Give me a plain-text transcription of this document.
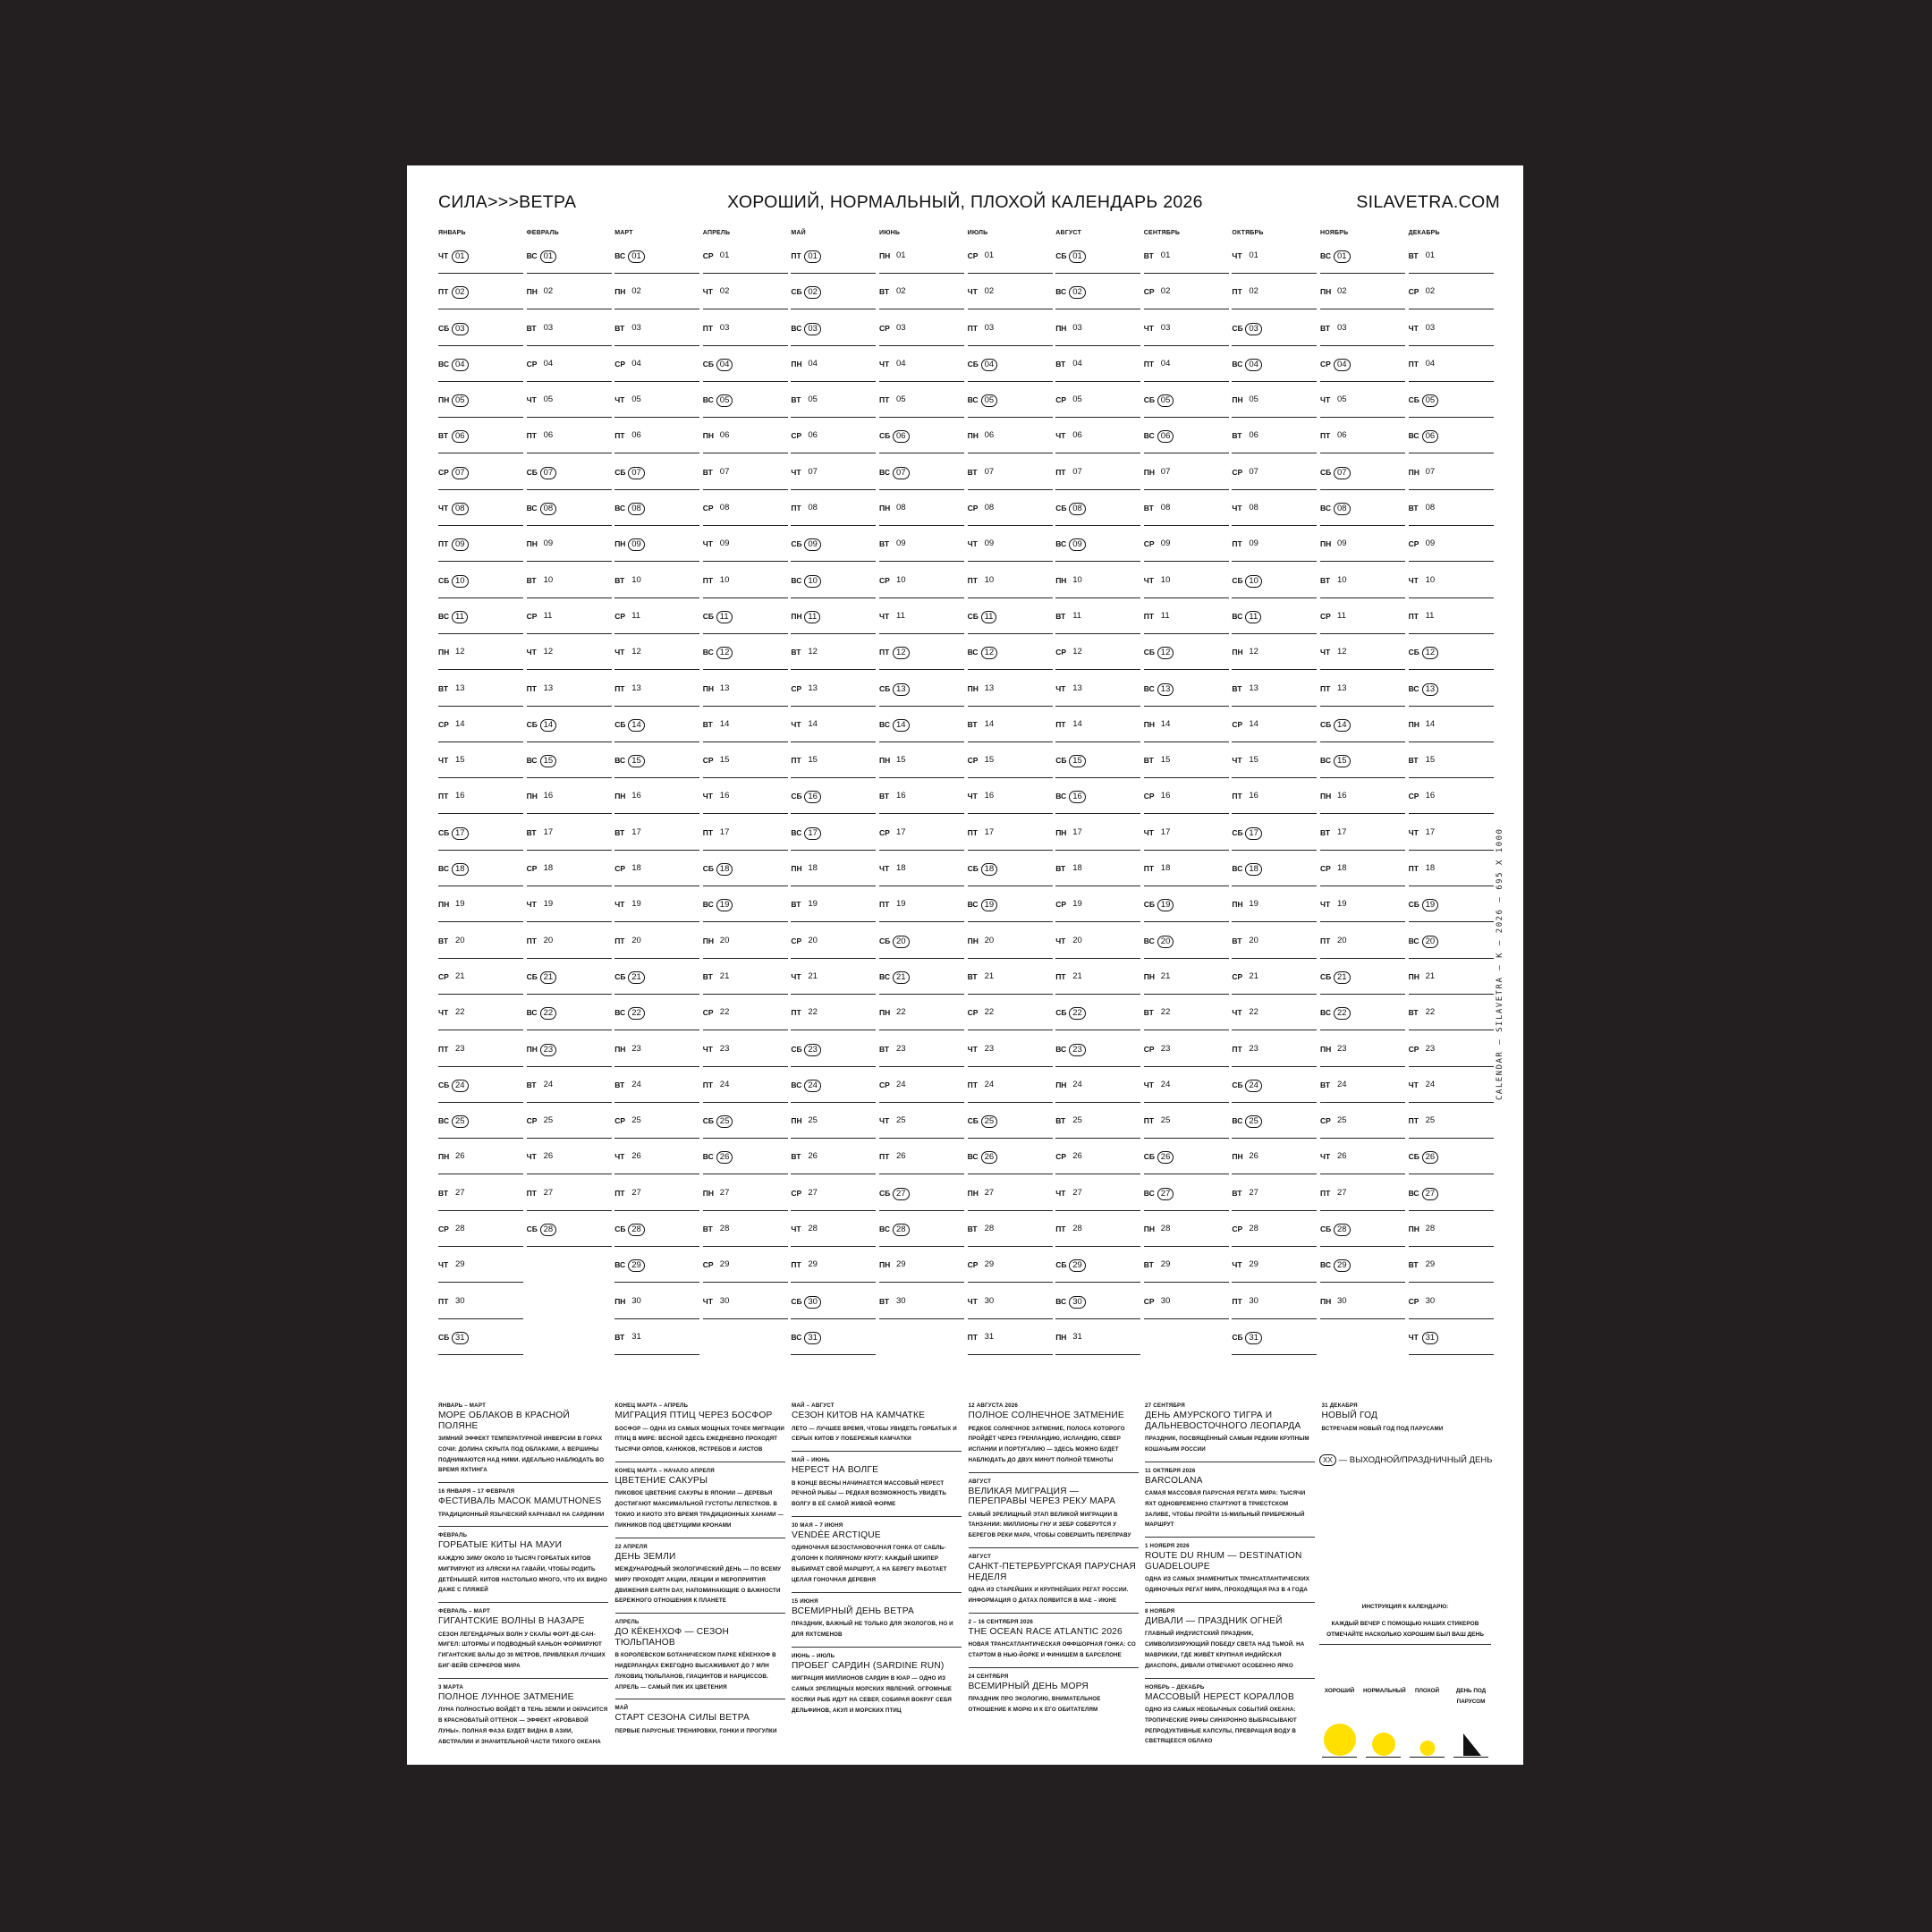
СИЛА>>>ВЕТРА	ХОРОШИЙ, НОРМАЛЬНЫЙ, ПЛОХОЙ КАЛЕНДАРЬ 2026	SILAVETRA.COM
ЯНВАРЬ
ЧТ 01
ПТ 02
СБ 03
ВС 04
ПН 05
ВТ 06
СР 07
ЧТ 08
ПТ 09
СБ 10
ВС 11
ПН 12
ВТ 13
СР 14
ЧТ 15
ПТ 16
СБ 17
ВС 18
ПН 19
ВТ 20
СР 21
ЧТ 22
ПТ 23
СБ 24
ВС 25
ПН 26
ВТ 27
СР 28
ЧТ 29
ПТ 30
СБ 31
ФЕВРАЛЬ
ВС 01
ПН 02
ВТ 03
СР 04
ЧТ 05
ПТ 06
СБ 07
ВС 08
ПН 09
ВТ 10
СР 11
ЧТ 12
ПТ 13
СБ 14
ВС 15
ПН 16
ВТ 17
СР 18
ЧТ 19
ПТ 20
СБ 21
ВС 22
ПН 23
ВТ 24
СР 25
ЧТ 26
ПТ 27
СБ 28
МАРТ
ВС 01
ПН 02
ВТ 03
СР 04
ЧТ 05
ПТ 06
СБ 07
ВС 08
ПН 09
ВТ 10
СР 11
ЧТ 12
ПТ 13
СБ 14
ВС 15
ПН 16
ВТ 17
СР 18
ЧТ 19
ПТ 20
СБ 21
ВС 22
ПН 23
ВТ 24
СР 25
ЧТ 26
ПТ 27
СБ 28
ВС 29
ПН 30
ВТ 31
АПРЕЛЬ
СР 01
ЧТ 02
ПТ 03
СБ 04
ВС 05
ПН 06
ВТ 07
СР 08
ЧТ 09
ПТ 10
СБ 11
ВС 12
ПН 13
ВТ 14
СР 15
ЧТ 16
ПТ 17
СБ 18
ВС 19
ПН 20
ВТ 21
СР 22
ЧТ 23
ПТ 24
СБ 25
ВС 26
ПН 27
ВТ 28
СР 29
ЧТ 30
МАЙ
ПТ 01
СБ 02
ВС 03
ПН 04
ВТ 05
СР 06
ЧТ 07
ПТ 08
СБ 09
ВС 10
ПН 11
ВТ 12
СР 13
ЧТ 14
ПТ 15
СБ 16
ВС 17
ПН 18
ВТ 19
СР 20
ЧТ 21
ПТ 22
СБ 23
ВС 24
ПН 25
ВТ 26
СР 27
ЧТ 28
ПТ 29
СБ 30
ВС 31
ИЮНЬ
ПН 01
ВТ 02
СР 03
ЧТ 04
ПТ 05
СБ 06
ВС 07
ПН 08
ВТ 09
СР 10
ЧТ 11
ПТ 12
СБ 13
ВС 14
ПН 15
ВТ 16
СР 17
ЧТ 18
ПТ 19
СБ 20
ВС 21
ПН 22
ВТ 23
СР 24
ЧТ 25
ПТ 26
СБ 27
ВС 28
ПН 29
ВТ 30
ИЮЛЬ
СР 01
ЧТ 02
ПТ 03
СБ 04
ВС 05
ПН 06
ВТ 07
СР 08
ЧТ 09
ПТ 10
СБ 11
ВС 12
ПН 13
ВТ 14
СР 15
ЧТ 16
ПТ 17
СБ 18
ВС 19
ПН 20
ВТ 21
СР 22
ЧТ 23
ПТ 24
СБ 25
ВС 26
ПН 27
ВТ 28
СР 29
ЧТ 30
ПТ 31
АВГУСТ
СБ 01
ВС 02
ПН 03
ВТ 04
СР 05
ЧТ 06
ПТ 07
СБ 08
ВС 09
ПН 10
ВТ 11
СР 12
ЧТ 13
ПТ 14
СБ 15
ВС 16
ПН 17
ВТ 18
СР 19
ЧТ 20
ПТ 21
СБ 22
ВС 23
ПН 24
ВТ 25
СР 26
ЧТ 27
ПТ 28
СБ 29
ВС 30
ПН 31
СЕНТЯБРЬ
ВТ 01
СР 02
ЧТ 03
ПТ 04
СБ 05
ВС 06
ПН 07
ВТ 08
СР 09
ЧТ 10
ПТ 11
СБ 12
ВС 13
ПН 14
ВТ 15
СР 16
ЧТ 17
ПТ 18
СБ 19
ВС 20
ПН 21
ВТ 22
СР 23
ЧТ 24
ПТ 25
СБ 26
ВС 27
ПН 28
ВТ 29
СР 30
ОКТЯБРЬ
ЧТ 01
ПТ 02
СБ 03
ВС 04
ПН 05
ВТ 06
СР 07
ЧТ 08
ПТ 09
СБ 10
ВС 11
ПН 12
ВТ 13
СР 14
ЧТ 15
ПТ 16
СБ 17
ВС 18
ПН 19
ВТ 20
СР 21
ЧТ 22
ПТ 23
СБ 24
ВС 25
ПН 26
ВТ 27
СР 28
ЧТ 29
ПТ 30
СБ 31
НОЯБРЬ
ВС 01
ПН 02
ВТ 03
СР 04
ЧТ 05
ПТ 06
СБ 07
ВС 08
ПН 09
ВТ 10
СР 11
ЧТ 12
ПТ 13
СБ 14
ВС 15
ПН 16
ВТ 17
СР 18
ЧТ 19
ПТ 20
СБ 21
ВС 22
ПН 23
ВТ 24
СР 25
ЧТ 26
ПТ 27
СБ 28
ВС 29
ПН 30
ДЕКАБРЬ
ВТ 01
СР 02
ЧТ 03
ПТ 04
СБ 05
ВС 06
ПН 07
ВТ 08
СР 09
ЧТ 10
ПТ 11
СБ 12
ВС 13
ПН 14
ВТ 15
СР 16
ЧТ 17
ПТ 18
СБ 19
ВС 20
ПН 21
ВТ 22
СР 23
ЧТ 24
ПТ 25
СБ 26
ВС 27
ПН 28
ВТ 29
СР 30
ЧТ 31
ЯНВАРЬ – МАРТ
МОРЕ ОБЛАКОВ В КРАСНОЙ ПОЛЯНЕ
ЗИМНИЙ ЭФФЕКТ ТЕМПЕРАТУРНОЙ ИНВЕРСИИ В ГОРАХ СОЧИ: ДОЛИНА СКРЫТА ПОД ОБЛАКАМИ, А ВЕРШИНЫ ПОДНИМАЮТСЯ НАД НИМИ. ИДЕАЛЬНО НАБЛЮДАТЬ ВО ВРЕМЯ ЯХТИНГА
16 ЯНВАРЯ – 17 ФЕВРАЛЯ
ФЕСТИВАЛЬ МАСОК MAMUTHONES
ТРАДИЦИОННЫЙ ЯЗЫЧЕСКИЙ КАРНАВАЛ НА САРДИНИИ
ФЕВРАЛЬ
ГОРБАТЫЕ КИТЫ НА МАУИ
КАЖДУЮ ЗИМУ ОКОЛО 10 ТЫСЯЧ ГОРБАТЫХ КИТОВ МИГРИРУЮТ ИЗ АЛЯСКИ НА ГАВАЙИ, ЧТОБЫ РОДИТЬ ДЕТЁНЫШЕЙ. КИТОВ НАСТОЛЬКО МНОГО, ЧТО ИХ ВИДНО ДАЖЕ С ПЛЯЖЕЙ
ФЕВРАЛЬ – МАРТ
ГИГАНТСКИЕ ВОЛНЫ В НАЗАРЕ
СЕЗОН ЛЕГЕНДАРНЫХ ВОЛН У СКАЛЫ ФОРТ-ДЕ-САН-МИГЕЛ: ШТОРМЫ И ПОДВОДНЫЙ КАНЬОН ФОРМИРУЮТ ГИГАНТСКИЕ ВАЛЫ ДО 30 МЕТРОВ, ПРИВЛЕКАЯ ЛУЧШИХ БИГ-ВЕЙВ СЕРФЕРОВ МИРА
3 МАРТА
ПОЛНОЕ ЛУННОЕ ЗАТМЕНИЕ
ЛУНА ПОЛНОСТЬЮ ВОЙДЁТ В ТЕНЬ ЗЕМЛИ И ОКРАСИТСЯ В КРАСНОВАТЫЙ ОТТЕНОК — ЭФФЕКТ «КРОВАВОЙ ЛУНЫ». ПОЛНАЯ ФАЗА БУДЕТ ВИДНА В АЗИИ, АВСТРАЛИИ И ЗНАЧИТЕЛЬНОЙ ЧАСТИ ТИХОГО ОКЕАНА
КОНЕЦ МАРТА – АПРЕЛЬ
МИГРАЦИЯ ПТИЦ ЧЕРЕЗ БОСФОР
БОСФОР — ОДНА ИЗ САМЫХ МОЩНЫХ ТОЧЕК МИГРАЦИИ ПТИЦ В МИРЕ: ВЕСНОЙ ЗДЕСЬ ЕЖЕДНЕВНО ПРОХОДЯТ ТЫСЯЧИ ОРЛОВ, КАНЮКОВ, ЯСТРЕБОВ И АИСТОВ
КОНЕЦ МАРТА – НАЧАЛО АПРЕЛЯ
ЦВЕТЕНИЕ САКУРЫ
ПИКОВОЕ ЦВЕТЕНИЕ САКУРЫ В ЯПОНИИ — ДЕРЕВЬЯ ДОСТИГАЮТ МАКСИМАЛЬНОЙ ГУСТОТЫ ЛЕПЕСТКОВ. В ТОКИО И КИОТО ЭТО ВРЕМЯ ТРАДИЦИОННЫХ ХАНАМИ — ПИКНИКОВ ПОД ЦВЕТУЩИМИ КРОНАМИ
22 АПРЕЛЯ
ДЕНЬ ЗЕМЛИ
МЕЖДУНАРОДНЫЙ ЭКОЛОГИЧЕСКИЙ ДЕНЬ — ПО ВСЕМУ МИРУ ПРОХОДЯТ АКЦИИ, ЛЕКЦИИ И МЕРОПРИЯТИЯ ДВИЖЕНИЯ EARTH DAY, НАПОМИНАЮЩИЕ О ВАЖНОСТИ БЕРЕЖНОГО ОТНОШЕНИЯ К ПЛАНЕТЕ
АПРЕЛЬ
ДО КЁКЕНХОФ — СЕЗОН ТЮЛЬПАНОВ
В КОРОЛЕВСКОМ БОТАНИЧЕСКОМ ПАРКЕ КЁКЕНХОФ В НИДЕРЛАНДАХ ЕЖЕГОДНО ВЫСАЖИВАЮТ ДО 7 МЛН ЛУКОВИЦ ТЮЛЬПАНОВ, ГИАЦИНТОВ И НАРЦИССОВ. АПРЕЛЬ — САМЫЙ ПИК ИХ ЦВЕТЕНИЯ
МАЙ
СТАРТ СЕЗОНА СИЛЫ ВЕТРА
ПЕРВЫЕ ПАРУСНЫЕ ТРЕНИРОВКИ, ГОНКИ И ПРОГУЛКИ
МАЙ – АВГУСТ
СЕЗОН КИТОВ НА КАМЧАТКЕ
ЛЕТО — ЛУЧШЕЕ ВРЕМЯ, ЧТОБЫ УВИДЕТЬ ГОРБАТЫХ И СЕРЫХ КИТОВ У ПОБЕРЕЖЬЯ КАМЧАТКИ
МАЙ – ИЮНЬ
НЕРЕСТ НА ВОЛГЕ
В КОНЦЕ ВЕСНЫ НАЧИНАЕТСЯ МАССОВЫЙ НЕРЕСТ РЕЧНОЙ РЫБЫ — РЕДКАЯ ВОЗМОЖНОСТЬ УВИДЕТЬ ВОЛГУ В ЕЁ САМОЙ ЖИВОЙ ФОРМЕ
30 МАЯ – 7 ИЮНЯ
VENDÉE ARCTIQUE
ОДИНОЧНАЯ БЕЗОСТАНОВОЧНАЯ ГОНКА ОТ САБЛЬ-Д'ОЛОНН К ПОЛЯРНОМУ КРУГУ: КАЖДЫЙ ШКИПЕР ВЫБИРАЕТ СВОЙ МАРШРУТ, А НА БЕРЕГУ РАБОТАЕТ ЦЕЛАЯ ГОНОЧНАЯ ДЕРЕВНЯ
15 ИЮНЯ
ВСЕМИРНЫЙ ДЕНЬ ВЕТРА
ПРАЗДНИК, ВАЖНЫЙ НЕ ТОЛЬКО ДЛЯ ЭКОЛОГОВ, НО И ДЛЯ ЯХТСМЕНОВ
ИЮНЬ – ИЮЛЬ
ПРОБЕГ САРДИН (SARDINE RUN)
МИГРАЦИЯ МИЛЛИОНОВ САРДИН В ЮАР — ОДНО ИЗ САМЫХ ЗРЕЛИЩНЫХ МОРСКИХ ЯВЛЕНИЙ. ОГРОМНЫЕ КОСЯКИ РЫБ ИДУТ НА СЕВЕР, СОБИРАЯ ВОКРУГ СЕБЯ ДЕЛЬФИНОВ, АКУЛ И МОРСКИХ ПТИЦ
12 АВГУСТА 2026
ПОЛНОЕ СОЛНЕЧНОЕ ЗАТМЕНИЕ
РЕДКОЕ СОЛНЕЧНОЕ ЗАТМЕНИЕ, ПОЛОСА КОТОРОГО ПРОЙДЁТ ЧЕРЕЗ ГРЕНЛАНДИЮ, ИСЛАНДИЮ, СЕВЕР ИСПАНИИ И ПОРТУГАЛИЮ — ЗДЕСЬ МОЖНО БУДЕТ НАБЛЮДАТЬ ДО ДВУХ МИНУТ ПОЛНОЙ ТЕМНОТЫ
АВГУСТ
ВЕЛИКАЯ МИГРАЦИЯ — ПЕРЕПРАВЫ ЧЕРЕЗ РЕКУ МАРА
САМЫЙ ЗРЕЛИЩНЫЙ ЭТАП ВЕЛИКОЙ МИГРАЦИИ В ТАНЗАНИИ: МИЛЛИОНЫ ГНУ И ЗЕБР СОБЕРУТСЯ У БЕРЕГОВ РЕКИ МАРА, ЧТОБЫ СОВЕРШИТЬ ПЕРЕПРАВУ
АВГУСТ
САНКТ-ПЕТЕРБУРГСКАЯ ПАРУСНАЯ НЕДЕЛЯ
ОДНА ИЗ СТАРЕЙШИХ И КРУПНЕЙШИХ РЕГАТ РОССИИ. ИНФОРМАЦИЯ О ДАТАХ ПОЯВИТСЯ В МАЕ – ИЮНЕ
2 – 16 СЕНТЯБРЯ 2026
THE OCEAN RACE ATLANTIC 2026
НОВАЯ ТРАНСАТЛАНТИЧЕСКАЯ ОФФШОРНАЯ ГОНКА: СО СТАРТОМ В НЬЮ-ЙОРКЕ И ФИНИШЕМ В БАРСЕЛОНЕ
24 СЕНТЯБРЯ
ВСЕМИРНЫЙ ДЕНЬ МОРЯ
ПРАЗДНИК ПРО ЭКОЛОГИЮ, ВНИМАТЕЛЬНОЕ ОТНОШЕНИЕ К МОРЮ И К ЕГО ОБИТАТЕЛЯМ
27 СЕНТЯБРЯ
ДЕНЬ АМУРСКОГО ТИГРА И ДАЛЬНЕВОСТОЧНОГО ЛЕОПАРДА
ПРАЗДНИК, ПОСВЯЩЁННЫЙ САМЫМ РЕДКИМ КРУПНЫМ КОШАЧЬИМ РОССИИ
11 ОКТЯБРЯ 2026
BARCOLANA
САМАЯ МАССОВАЯ ПАРУСНАЯ РЕГАТА МИРА: ТЫСЯЧИ ЯХТ ОДНОВРЕМЕННО СТАРТУЮТ В ТРИЕСТСКОМ ЗАЛИВЕ, ЧТОБЫ ПРОЙТИ 15-МИЛЬНЫЙ ПРИБРЕЖНЫЙ МАРШРУТ
1 НОЯБРЯ 2026
ROUTE DU RHUM — DESTINATION GUADELOUPE
ОДНА ИЗ САМЫХ ЗНАМЕНИТЫХ ТРАНСАТЛАНТИЧЕСКИХ ОДИНОЧНЫХ РЕГАТ МИРА, ПРОХОДЯЩАЯ РАЗ В 4 ГОДА
8 НОЯБРЯ
ДИВАЛИ — ПРАЗДНИК ОГНЕЙ
ГЛАВНЫЙ ИНДУИСТСКИЙ ПРАЗДНИК, СИМВОЛИЗИРУЮЩИЙ ПОБЕДУ СВЕТА НАД ТЬМОЙ. НА МАВРИКИИ, ГДЕ ЖИВЁТ КРУПНАЯ ИНДИЙСКАЯ ДИАСПОРА, ДИВАЛИ ОТМЕЧАЮТ ОСОБЕННО ЯРКО
НОЯБРЬ – ДЕКАБРЬ
МАССОВЫЙ НЕРЕСТ КОРАЛЛОВ
ОДНО ИЗ САМЫХ НЕОБЫЧНЫХ СОБЫТИЙ ОКЕАНА: ТРОПИЧЕСКИЕ РИФЫ СИНХРОННО ВЫБРАСЫВАЮТ РЕПРОДУКТИВНЫЕ КАПСУЛЫ, ПРЕВРАЩАЯ ВОДУ В СВЕТЯЩЕЕСЯ ОБЛАКО
31 ДЕКАБРЯ
НОВЫЙ ГОД
ВСТРЕЧАЕМ НОВЫЙ ГОД ПОД ПАРУСАМИ
XX — ВЫХОДНОЙ/ПРАЗДНИЧНЫЙ ДЕНЬ
ИНСТРУКЦИЯ К КАЛЕНДАРЮ:
КАЖДЫЙ ВЕЧЕР С ПОМОЩЬЮ НАШИХ СТИКЕРОВ ОТМЕЧАЙТЕ НАСКОЛЬКО ХОРОШИМ БЫЛ ВАШ ДЕНЬ
ХОРОШИЙ	НОРМАЛЬНЫЙ	ПЛОХОЙ	ДЕНЬ ПОД ПАРУСОМ
CALENDAR — SILAVETRA — K — 2026 — 695 X 1000
